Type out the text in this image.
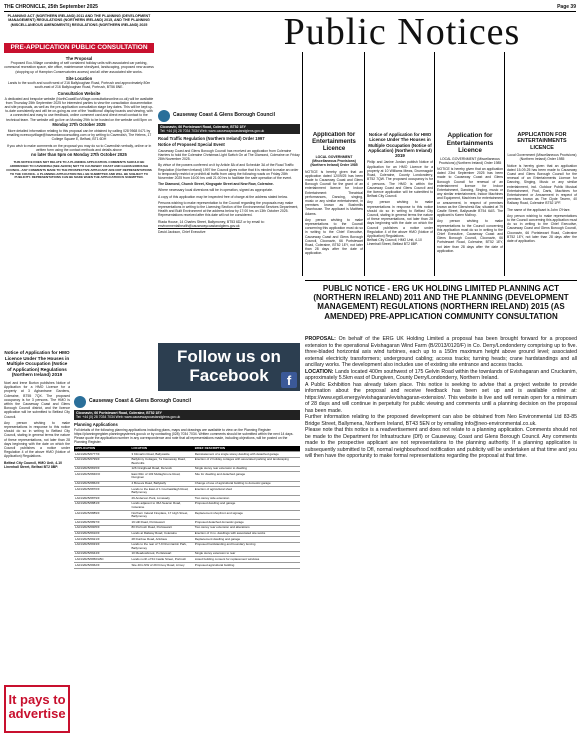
THE CHRONICLE, 25th September 2025	Page 39
Public Notices
PLANNING ACT (NORTHERN IRELAND) 2011 AND THE PLANNING (DEVELOPMENT MANAGEMENT) REGULATIONS (NORTHERN IRELAND) 2015, AND THE PLANNING (MISCELLANEOUS AMENDMENTS) REGULATIONS (NORTHERN IRELAND) 2025
PRE-APPLICATION PUBLIC CONSULTATION
The Proposal
Proposed Eco-Village consisting of self contained holiday units with associated car parking, communal recreation space, site office, maintenance shed/yard, landscaping, proposed new access (stopping up of Hampton Conservatories access) and all other associated site works.
Site Location
Lands to the south and south west of 216 Ballyloughan Road, Portrush and approximately 80m south-east of 216 Ballyloughan Road, Portrush, BT56 8NE.
Consultation Website
A dedicated and bespoke website (NorthCoastEcoVillage.consultationonline.co.uk) will be available from Thursday 25th September 2025 for interested parties to view the consultation documentation and site proposals, as well as the pre-application consultation stage key dates. This will be kept up-to-date consistently and will be on-going as one of the 'traditional' display boards and viewing, with a connected and easy to use feedback, online comment card and direct email contact to the technical team. The website will go live on Monday 29th to be hosted on the website until 5pm on
Monday 27th October 2025
More detailed information relating to this proposal can be obtained by calling 028 9568 0471 by emailing nceecoyvillage@haveordanoconsulting.com or by writing to Cavendish, The Helens, 17 College Square E, Belfast, BT1 6DH
If you wish to make comments on the proposal you may do so to Cavendish verbally, online or in written form using the contact methods and details above
no later than 5pm on Monday 27th October 2025
THIS NOTICE DOES NOT RELATE TO A PLANNING APPLICATION. COMMENTS SHOULD BE ADDRESSED TO CAVENDISH (SEE ABOVE) NOT TO CAUSEWAY COAST AND GLENS BOROUGH COUNCIL. ANY COMMENTS MADE TO THE PROSPECTIVE APPLICANT ARE NOT REPRESENTATIONS TO THE COUNCIL. A PLANNING APPLICATION WILL BE SUBMITTED AND WILL BE SUBJECT TO PUBLICITY. REPRESENTATIONS CAN BE MADE WHEN THE APPLICATION IS SUBMITTED.
Causeway Coast & Glens Borough Council
Cloonavin, 66 Portstewart Road, Coleraine, BT52 1EY
Tel: +44 (0) 28 7034 7034 Web: www.causewaycoastandglens.gov.uk
Road Traffic Regulation (Northern Ireland) Order 1997
Notice of Proposed Special Event
Causeway Coast and Glens Borough Council has received an application from Coleraine Harriers to hold the Coleraine Christmas Light Switch On at The Diamond, Coleraine on Friday 28th November 2025.
By virtue of the powers conferred on it by Article 8A of and Schedule 3A of the Road Traffic Regulation (Northern Ireland) 1997 the Council gives notice that it is minded to make an order to temporarily restrict or prohibit all traffic from using the following roads on Friday 28th November 2025 from 16:00 hrs until 21:00 hrs to facilitate the safe operation of the event.
The Diamond, Church Street, Kingsgate Street and New Row, Coleraine.
Where necessary local diversions will be in operation, signed as appropriate.
A copy of this application may be inspected free of charge at the address stated below.
Persons wishing to make representation to the Council regarding the proposals may make representations in writing to the Licensing Section of the Environmental Services Department, Health and Built Environment at the address below by 17:00 hrs on 13th October 2025. Representations received after this date will not be considered.
Riada House, 14 Charles Street, Ballymoney, BT53 6DZ or by email to:
environmentalhealth@causewaycoastandglens.gov.uk
David Jackson, Chief Executive
Follow us on Facebook	f
Notice of Application for HMO Licence Under The Houses in Multiple Occupation (Notice of Application) Regulations (Northern Ireland) 2019
Noel and Irene Burton publishes Notice of Application for a HMO Licence for a property at 3 Aghantrane Gardens, Coleraine, BT55 7QX. The proposed occupancy is for 3 persons. The HMO is within the Causeway Coast and Glens Borough Council district, and the licence application will be submitted to Belfast City Council.
Any person wishing to make representations in response to this notice should do so in writing to Belfast City Council, stating in general terms the nature of these representations, not later than 28 days beginning with the date on which the Council publishes a notice under Regulation 4 of the above HMO (Notice of Application) Regulations.
Belfast City Council, HMO Unit, 4-10 Linenhall Street, Belfast BT2 8BP.
It pays to advertise
Causeway Coast & Glens Borough Council
Cloonavin, 66 Portstewart Road, Coleraine, BT52 1EY
Tel: +44 (0) 28 7034 7034 Web: www.causewaycoastandglens.gov.uk
Planning Applications
Full details of the following planning applications including plans, maps and drawings are available to view on the Planning Register https://planningregister.planningsystemni.gov.uk or by contacting (028) 7034 7034. Written comments should be submitted within the next 14 days. Please quote the application number in any correspondence and note that all representations made, including objections, will be posted on the Planning Register.
APPLICATION	LOCATION	BRIEF DESCRIPTION
LA01/2025/0777/F	3 Kilmartin Road, Ballycastle	Reinstatement of a single storey dwelling with detached garage
LA01/2025/0799/F	Ballylinny Cottages, 7a Causeway Road, Bushmills	Erection of 2 holiday cottages with associated parking and landscaping
LA01/2025/0815/F	126 Craighead Road, Dervock	Single storey rear extension to dwelling
LA01/2025/0846/O	East 60m of 103 Mullaghmore Road, Dungiven	Site for dwelling and detached garage
LA01/2025/0862/F	4 Boveva Road, Ballykelly	Change of use of agricultural building to domestic garage
LA01/2025/0870/F	Lands to the East of 1 Coolnasillagh Road, Ballymoney	Erection of agricultural shed
LA01/2025/0879/F	29 Anderson Park, Limavady	Two storey side extension
LA01/2025/0881/F	Lands adjacent to 36A Seacon Road, Coleraine	Proposed dwelling and garage
LA01/2025/0889/F	Northern Ireland Fireplace, 17 High Street, Ballymoney	Replacement shopfront and signage
LA01/2025/0897/F	19 Hill Road, Portstewart	Proposed detached domestic garage
LA01/2025/0905/F	80 Portrush Road, Portstewart	Two storey rear extension and alterations
LA01/2025/0910/F	Lands at Railway Road, Coleraine	Erection of 3 no. dwellings with associated site works
LA01/2025/0921/F	28 Dunboe Road, Articlave	Replacement dwelling and garage
LA01/2025/0933/F	Lands to the rear of 7-9 Drumrankin Park, Ballymoney	Proposed hardstanding and boundary fencing
LA01/2025/0944/F	10 Meadowbrook, Portstewart	Single storey extension to rear
LA01/2025/0950/LBC	Lands north of 54 Castle Street, Portrush	Listed building consent for replacement windows
LA01/2025/0962/F	Site 40m NW of 29 Finvoy Road, Armoy	Proposed agricultural building
Application for Entertainments Licence
LOCAL GOVERNMENT (Miscellaneous Provisions) (Northern Ireland) Order 1985
NOTICE is hereby given that an application dated 12/09/25 has been made to Causeway Coast and Glens Borough Council for the grant of an entertainment licence for Indoor Entertainment: Theatrical performances, Dancing, singing, music or any similar entertainment, in premises known as Bushmills Townhouse. The applicant is Matthew Adams.
Any person wishing to make representations to the Council concerning this application must do so in writing to the Chief Executive, Causeway Coast and Glens Borough Council, Cloonavin, 66 Portstewart Road, Coleraine, BT52 1EY, not later than 28 days after the date of application.
Notice of Application for HMO Licence Under The Houses in Multiple Occupation (Notice of Application) (Northern Ireland) 2019
Philip and Janine Jordan publish Notice of Application for an HMO Licence for a property at 10 Williams Mews, Drumnagole Road, Coleraine, County Londonderry, BT52 7QW. The proposed occupancy is for 4 persons. The HMO is within the Causeway Coast and Glens Council and the licence application will be submitted to Belfast City Council.
Any person wishing to make representations in response to this notice should do so in writing to Belfast City Council, stating in general terms the nature of these representations, not later than 28 days beginning with the date on which the Council publishes a notice under Regulation 4 of the above HMO (Notice of Application) Regulations.
Belfast City Council, HMO Unit, 4-10 Linenhall Street, Belfast BT2 8BP.
Application for Entertainments Licence
LOCAL GOVERNMENT (Miscellaneous Provisions) (Northern Ireland) Order 1985
NOTICE is hereby given that an application dated 23rd September 2025 has been made to Causeway Coast and Glens Borough Council for renewal of an entertainment licence for Indoor Entertainment, Dancing, Singing, music or any similar entertainment, Indoor Machines and Equipment, Machines for entertainment or amusement, in respect of premises known as the Glenshesk Bar, situated at 79 Castle Street, Ballycastle BT54 6AS. The applicant is Karen McIlroy.
Any person wishing to make representations to the Council concerning this application must do so in writing to the Chief Executive, Causeway Coast and Glens Borough Council, Cloonavin, 66 Portstewart Road, Coleraine, BT52 1EY, not later than 28 days after the date of application.
APPLICATION FOR ENTERTAINMENTS LICENCE
Local Government (Miscellaneous Provisions) (Northern Ireland) Order 1985
Notice is hereby given that an application dated 15-09-25 has been made to Causeway Coast and Glens Borough Council for the renewal of an Entertainments Licence for Dancing, Singing, Music or any similar entertainment, incl. Outdoor Public Musical Entertainment, Pool, Darts, Machines for Entertainment or Amusement in respect of premises known as The Clyde Tavern, 40 Railway Road, Coleraine BT52 1PF.
The name of the applicant is John O'Hare.
Any person wishing to make representations to the Council concerning this application must do so in writing to the Chief Executive, Causeway Coast and Glens Borough Council, Cloonavin, 66 Portstewart Road, Coleraine BT52 1EY, not later than 28 days after the date of application.
PUBLIC NOTICE - ERG UK HOLDING LIMITED PLANNING ACT (NORTHERN IRELAND) 2011 AND THE PLANNING (DEVELOPMENT MANAGEMENT) REGULATIONS (NORTHERN IRELAND) 2015 (AS AMENDED) PRE-APPLICATION COMMUNITY CONSULTATION
PROPOSAL: On behalf of the ERG UK Holding Limited a proposal has been brought forward for a proposed extension to the operational Evishagaran Wind Farm (B/2013/0120/F) in Co. Derry/Londonderry comprising up to five. three-bladed horizontal axis wind turbines, each up to a 150m maximum height above ground level; associated external electricity transformers; underground cabling; access tracks; turning heads; crane hardstandings and all ancillary works. The development also includes use of existing site entrance and access tracks.
LOCATION: Lands located 400m southwest of 175 Gelvin Road within the townlands of Evishagaran and Cruckanim, approximately 5.5km east of Dungiven, County Derry/Londonderry, Northern Ireland.
A Public Exhibition has already taken place. This notice is seeking to advise that a project website to provide information about the proposal and receive feedback has been set up and is available online at: https://www.egdi.energy/evishagaran/evishagaran-extension/. This website is live and will remain open for a minimum of 28 days and will continue in perpetuity for public viewing and comments until a planning decision on the proposal has been made.
Further information relating to the proposed development can also be obtained from Neo Environmental Ltd 83-85 Bridge Street, Ballymena, Northern Ireland, BT43 5EN or by emailing info@neo-environmental.co.uk.
Please note that this notice is a readvertisement and does not relate to a planning application. Comments should not be made to the Department for Infrastructure (DfI) or Causeway, Coast and Glens Borough Council. Any comments made to the prospective applicant are not representations to the planning authority. If a planning application is subsequently submitted to DfI, normal neighbourhood notification and publicity will be undertaken at that time and you will then have the opportunity to make formal representations regarding the proposal at that time.
